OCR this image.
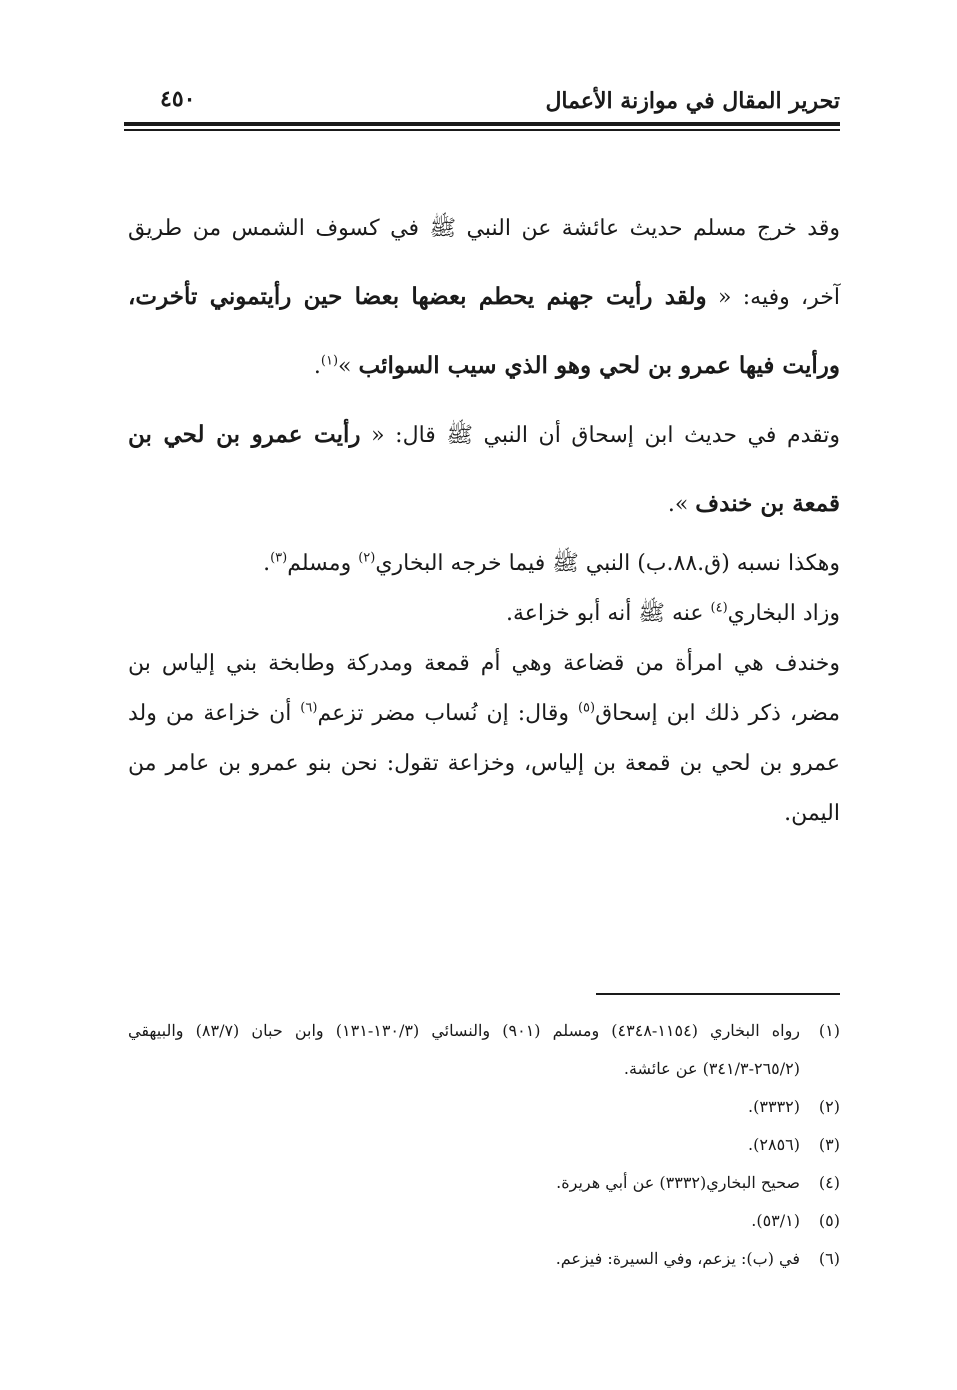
تحرير المقال في موازنة الأعمال
٤٥٠

وقد خرج مسلم حديث عائشة عن النبي ﷺ في كسوف الشمس من طريق آخر، وفيه: « ولقد رأيت جهنم يحطم بعضها بعضا حين رأيتموني تأخرت، ورأيت فيها عمرو بن لحي وهو الذي سيب السوائب »$^{(١)}$.

وتقدم في حديث ابن إسحاق أن النبي ﷺ قال: « رأيت عمرو بن لحي بن قمعة بن خندف ».

وهكذا نسبه (ق.٨٨.ب) النبي ﷺ فيما خرجه البخاري$^{(٢)}$ ومسلم$^{(٣)}$.

وزاد البخاري$^{(٤)}$ عنه ﷺ أنه أبو خزاعة.

وخندف هي امرأة من قضاعة وهي أم قمعة ومدركة وطابخة بني إلياس بن مضر، ذكر ذلك ابن إسحاق$^{(٥)}$ وقال: إن نُساب مضر تزعم$^{(٦)}$ أن خزاعة من ولد عمرو بن لحي بن قمعة بن إلياس، وخزاعة تقول: نحن بنو عمرو بن عامر من اليمن.

(١)
رواه البخاري (١١٥٤-٤٣٤٨) ومسلم (٩٠١) والنسائي (١٣٠/٣-١٣١) وابن حبان (٨٣/٧) والبيهقي (٢٦٥/٢-٣٤١/٣) عن عائشة.

(٢)
(٣٣٣٢).

(٣)
(٢٨٥٦).

(٤)
صحيح البخاري(٣٣٣٢) عن أبي هريرة.

(٥)
(٥٣/١).

(٦)
في (ب): يزعم، وفي السيرة: فيزعم.
